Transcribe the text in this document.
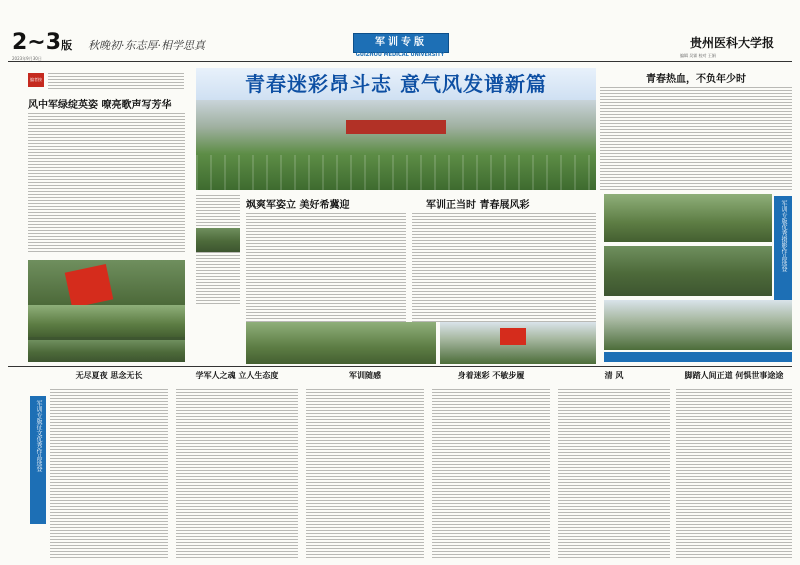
2~3版 秋晚初·东志厚·相学思真
2023年9月30日
军训专版
GUIZHOU MEDICAL UNIVERSITY
贵州医科大学报
编辑 吴霖 校对 王娟
编者按
风中军绿绽英姿 嘹亮歌声写芳华
青春迷彩昂斗志 意气风发谱新篇
飒爽军姿立 美好希冀迎	军训正当时 青春展风彩
青春热血，不负年少时
军训专版优秀摄影作品选登
军训专版征文优秀作品选登
无尽夏夜 思念无长	学军人之魂 立人生态度	军训随感	身着迷彩 不敏步履	清 风	脚踏人间正道 何惧世事途途
